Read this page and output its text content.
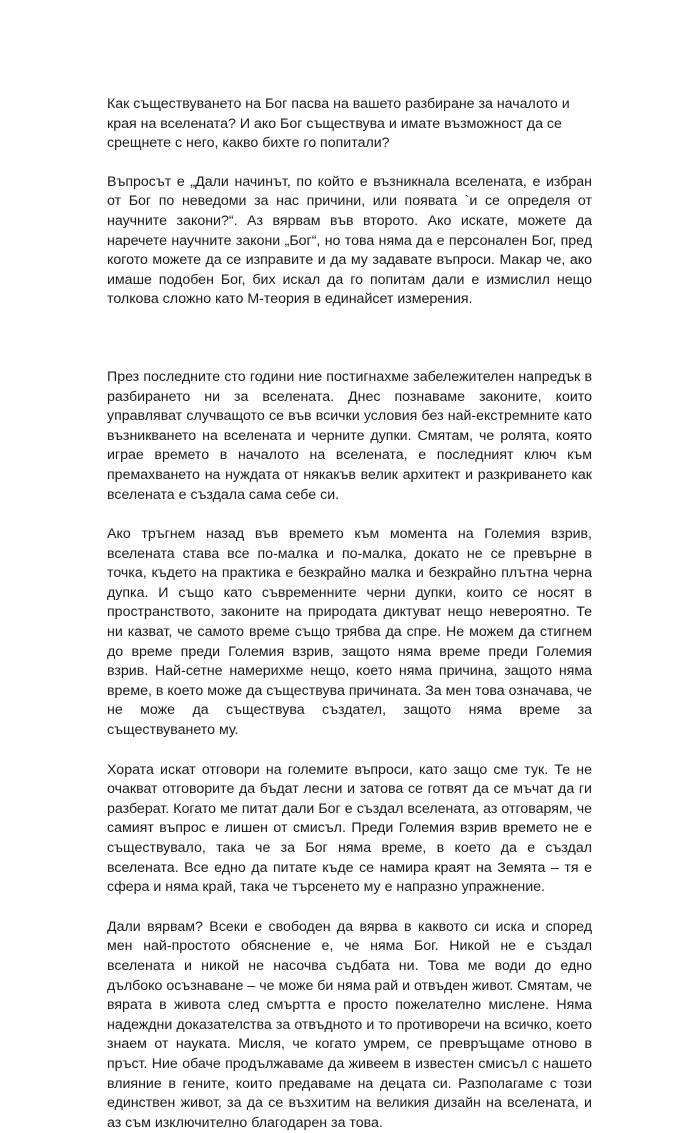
Как съществуването на Бог пасва на вашето разбиране за началото и края на вселената? И ако Бог съществува и имате възможност да се срещнете с него, какво бихте го попитали?

Въпросът е „Дали начинът, по който е възникнала вселената, е избран от Бог по неведоми за нас причини, или появата `и се определя от научните закони?“. Аз вярвам във второто. Ако искате, можете да наречете научните закони „Бог“, но това няма да е персонален Бог, пред когото можете да се изправите и да му задавате въпроси. Макар че, ако имаше подобен Бог, бих искал да го попитам дали е измислил нещо толкова сложно като М-теория в единайсет измерения.

През последните сто години ние постигнахме забележителен напредък в разбирането ни за вселената. Днес познаваме законите, които управляват случващото се във всички условия без най-екстремните като възникването на вселената и черните дупки. Смятам, че ролята, която играе времето в началото на вселената, е последният ключ към премахването на нуждата от някакъв велик архитект и разкриването как вселената е създала сама себе си.

Ако тръгнем назад във времето към момента на Големия взрив, вселената става все по-малка и по-малка, докато не се превърне в точка, където на практика е безкрайно малка и безкрайно плътна черна дупка. И също като съвременните черни дупки, които се носят в пространството, законите на природата диктуват нещо невероятно. Те ни казват, че самото време също трябва да спре. Не можем да стигнем до време преди Големия взрив, защото няма време преди Големия взрив. Най-сетне намерихме нещо, което няма причина, защото няма време, в което може да съществува причината. За мен това означава, че не може да съществува създател, защото няма време за съществуването му.

Хората искат отговори на големите въпроси, като защо сме тук. Те не очакват отговорите да бъдат лесни и затова се готвят да се мъчат да ги разберат. Когато ме питат дали Бог е създал вселената, аз отговарям, че самият въпрос е лишен от смисъл. Преди Големия взрив времето не е съществувало, така че за Бог няма време, в което да е създал вселената. Все едно да питате къде се намира краят на Земята – тя е сфера и няма край, така че търсенето му е напразно упражнение.

Дали вярвам? Всеки е свободен да вярва в каквото си иска и според мен най-простото обяснение е, че няма Бог. Никой не е създал вселената и никой не насочва съдбата ни. Това ме води до едно дълбоко осъзнаване – че може би няма рай и отвъден живот. Смятам, че вярата в живота след смъртта е просто пожелателно мислене. Няма надеждни доказателства за отвъдното и то противоречи на всичко, което знаем от науката. Мисля, че когато умрем, се превръщаме отново в пръст. Ние обаче продължаваме да живеем в известен смисъл с нашето влияние в гените, които предаваме на децата си. Разполагаме с този единствен живот, за да се възхитим на великия дизайн на вселената, и аз съм изключително благодарен за това.
